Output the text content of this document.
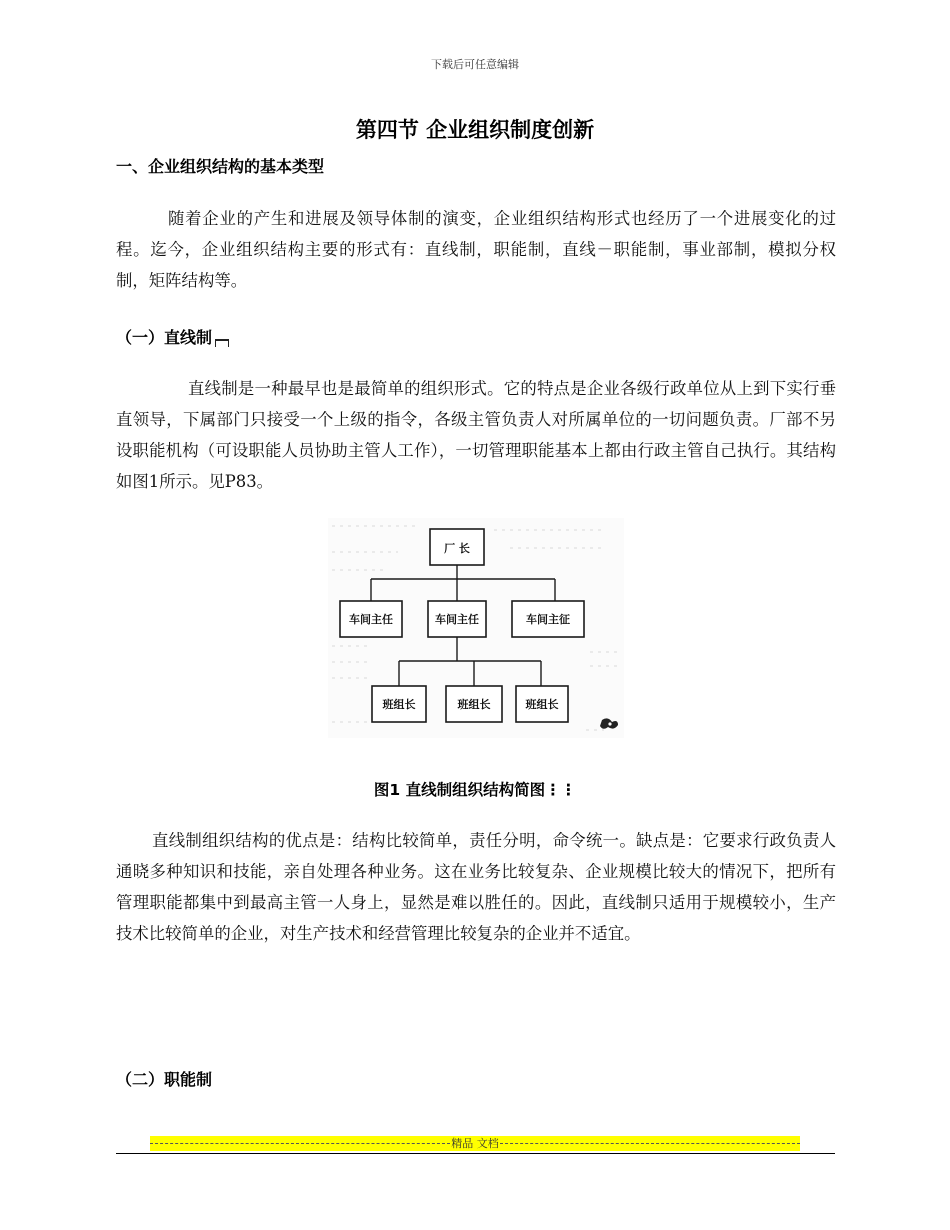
下载后可任意编辑
第四节 企业组织制度创新
一、企业组织结构的基本类型
随着企业的产生和进展及领导体制的演变，企业组织结构形式也经历了一个进展变化的过程。迄今，企业组织结构主要的形式有：直线制，职能制，直线－职能制，事业部制，模拟分权制，矩阵结构等。
（一）直线制
直线制是一种最早也是最简单的组织形式。它的特点是企业各级行政单位从上到下实行垂直领导，下属部门只接受一个上级的指令，各级主管负责人对所属单位的一切问题负责。厂部不另设职能机构（可设职能人员协助主管人工作），一切管理职能基本上都由行政主管自己执行。其结构如图1所示。见P83。
厂 长
车间主任	车间主任	车间主征
班组长	班组长	班组长
图1 直线制组织结构简图⋮⋮
直线制组织结构的优点是：结构比较简单，责任分明，命令统一。缺点是：它要求行政负责人通晓多种知识和技能，亲自处理各种业务。这在业务比较复杂、企业规模比较大的情况下，把所有管理职能都集中到最高主管一人身上，显然是难以胜任的。因此，直线制只适用于规模较小，生产技术比较简单的企业，对生产技术和经营管理比较复杂的企业并不适宜。
（二）职能制
精品 文档
